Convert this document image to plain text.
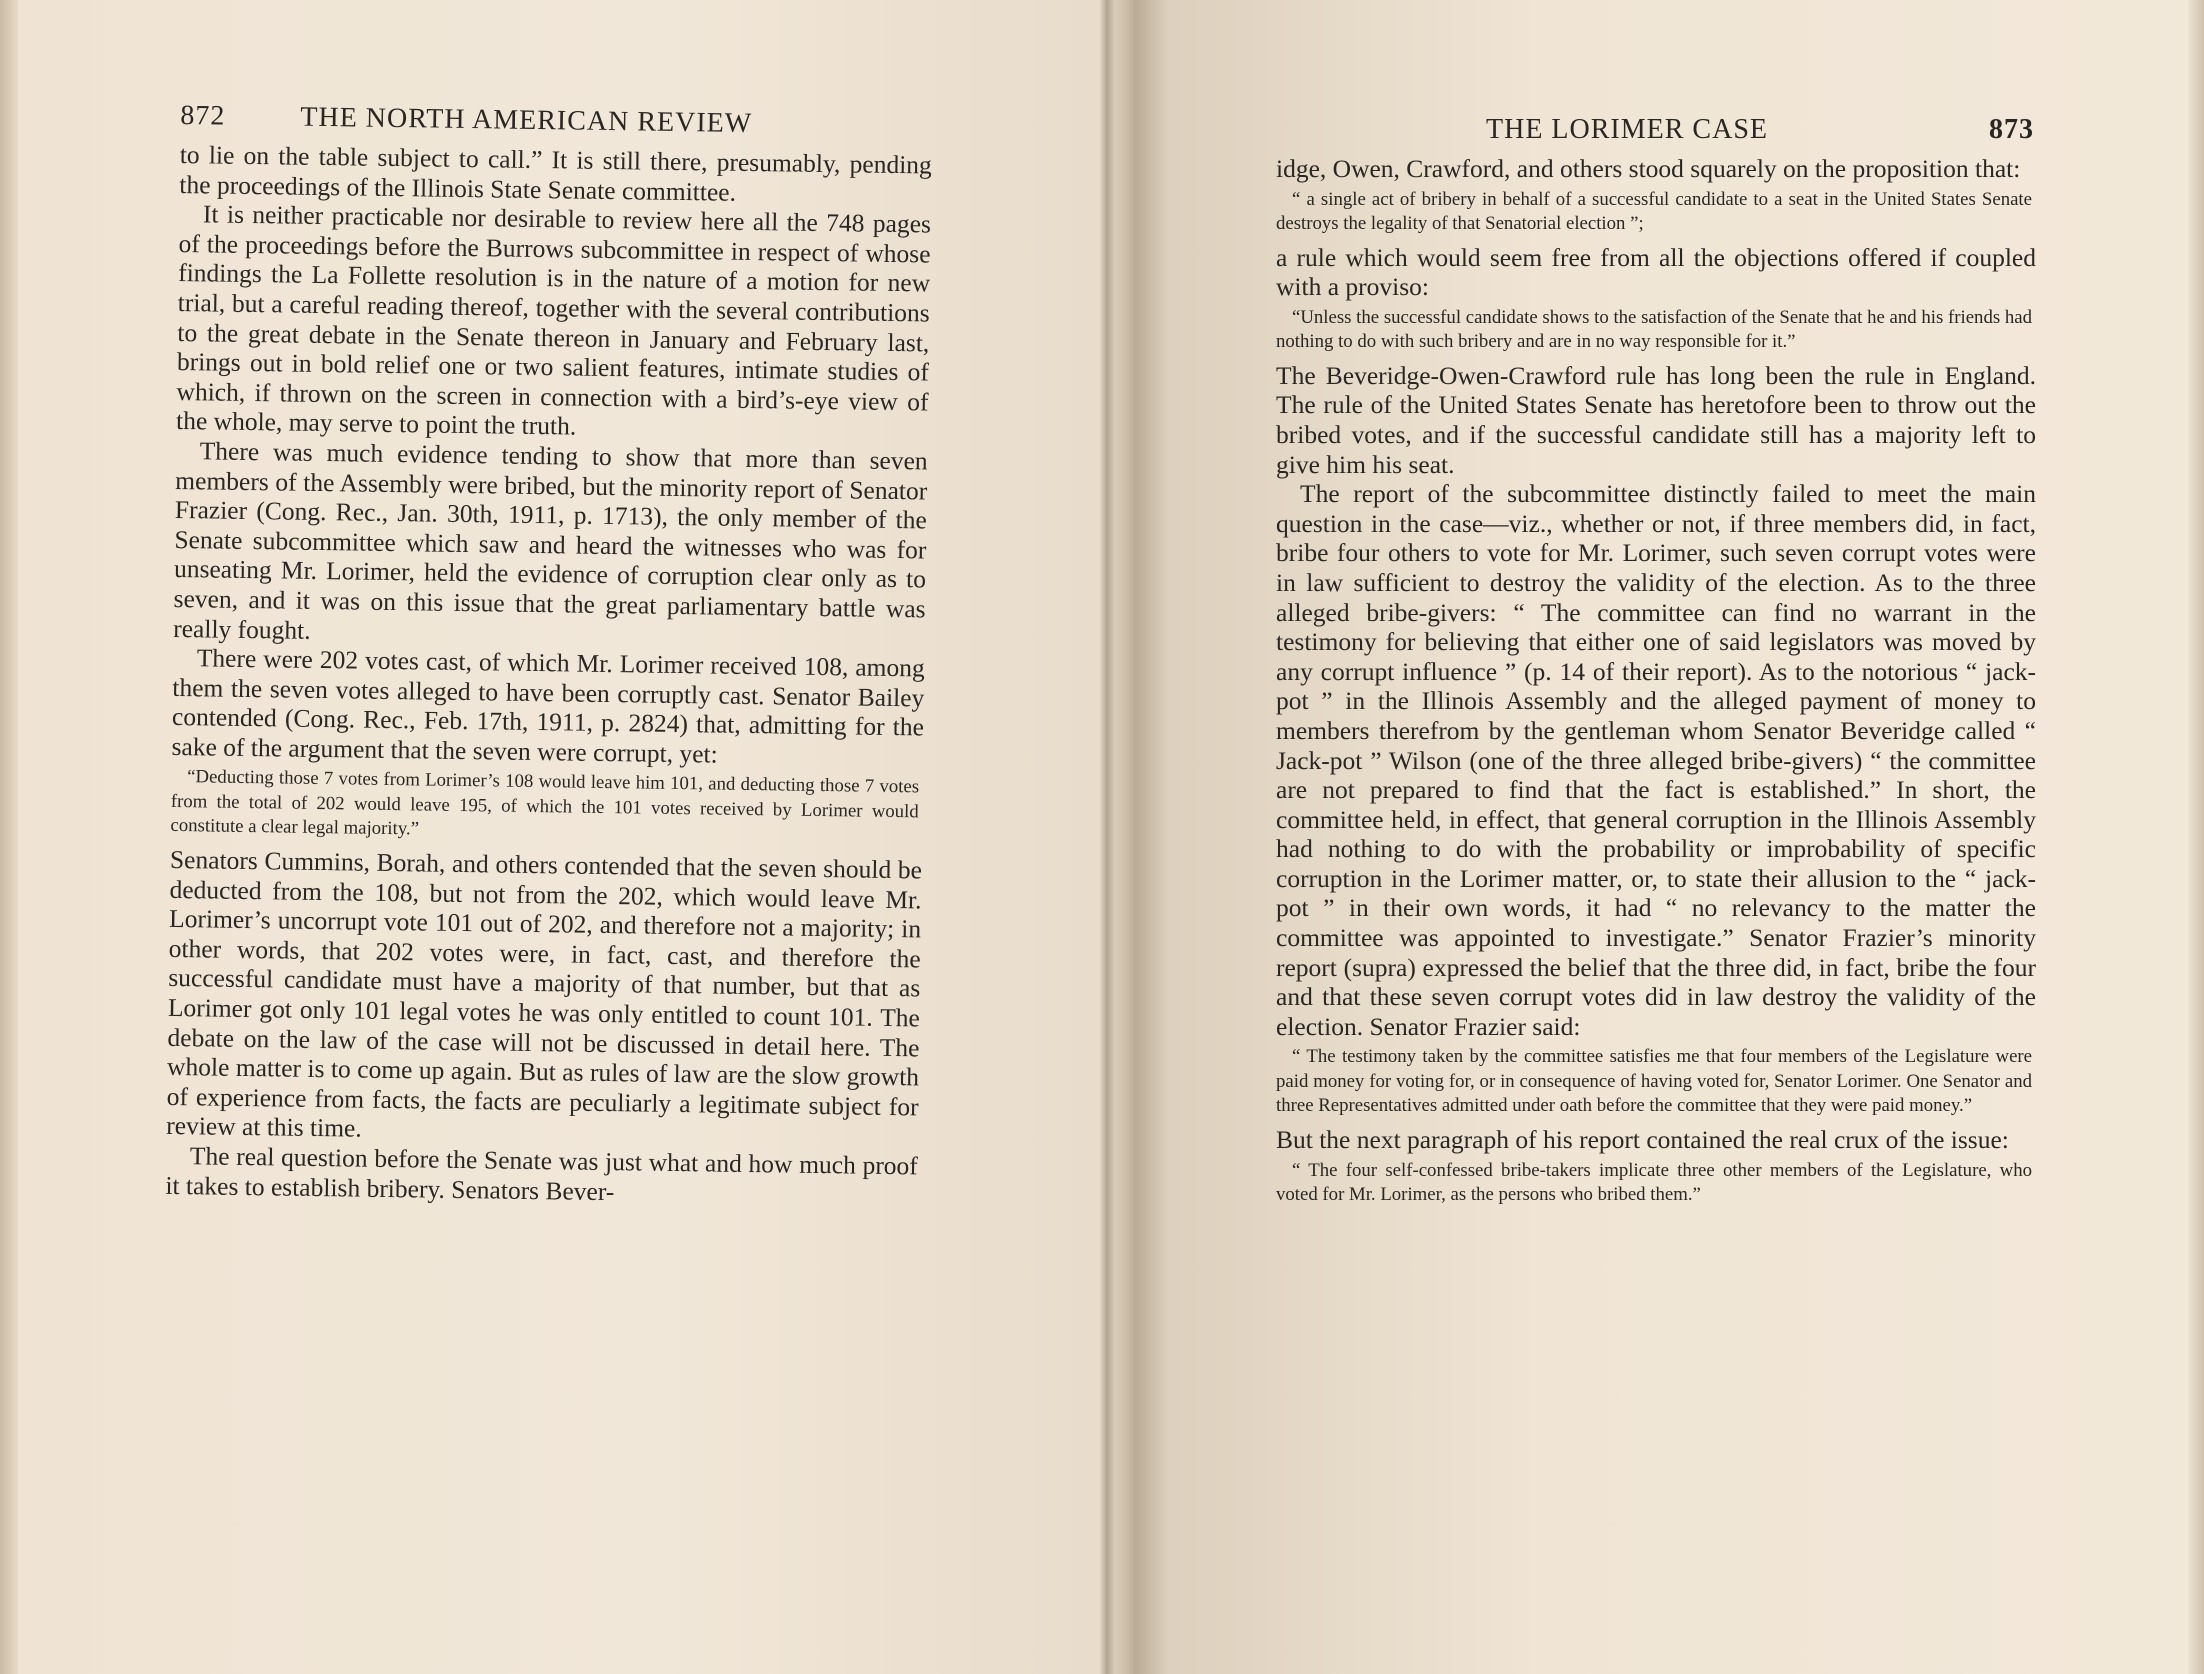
872	THE NORTH AMERICAN REVIEW

to lie on the table subject to call.” It is still there, presumably, pending the proceedings of the Illinois State Senate committee.

It is neither practicable nor desirable to review here all the 748 pages of the proceedings before the Burrows subcommittee in respect of whose findings the La Follette resolution is in the nature of a motion for new trial, but a careful reading thereof, together with the several contributions to the great debate in the Senate thereon in January and February last, brings out in bold relief one or two salient features, intimate studies of which, if thrown on the screen in connection with a bird’s-eye view of the whole, may serve to point the truth.

There was much evidence tending to show that more than seven members of the Assembly were bribed, but the minority report of Senator Frazier (Cong. Rec., Jan. 30th, 1911, p. 1713), the only member of the Senate subcommittee which saw and heard the witnesses who was for unseating Mr. Lorimer, held the evidence of corruption clear only as to seven, and it was on this issue that the great parliamentary battle was really fought.

There were 202 votes cast, of which Mr. Lorimer received 108, among them the seven votes alleged to have been corruptly cast. Senator Bailey contended (Cong. Rec., Feb. 17th, 1911, p. 2824) that, admitting for the sake of the argument that the seven were corrupt, yet:

“Deducting those 7 votes from Lorimer’s 108 would leave him 101, and deducting those 7 votes from the total of 202 would leave 195, of which the 101 votes received by Lorimer would constitute a clear legal majority.”

Senators Cummins, Borah, and others contended that the seven should be deducted from the 108, but not from the 202, which would leave Mr. Lorimer’s uncorrupt vote 101 out of 202, and therefore not a majority; in other words, that 202 votes were, in fact, cast, and therefore the successful candidate must have a majority of that number, but that as Lorimer got only 101 legal votes he was only entitled to count 101. The debate on the law of the case will not be discussed in detail here. The whole matter is to come up again. But as rules of law are the slow growth of experience from facts, the facts are peculiarly a legitimate subject for review at this time.

The real question before the Senate was just what and how much proof it takes to establish bribery. Senators Bever-

THE LORIMER CASE	873

idge, Owen, Crawford, and others stood squarely on the proposition that:

“ a single act of bribery in behalf of a successful candidate to a seat in the United States Senate destroys the legality of that Senatorial election ”;

a rule which would seem free from all the objections offered if coupled with a proviso:

“Unless the successful candidate shows to the satisfaction of the Senate that he and his friends had nothing to do with such bribery and are in no way responsible for it.”

The Beveridge-Owen-Crawford rule has long been the rule in England. The rule of the United States Senate has heretofore been to throw out the bribed votes, and if the successful candidate still has a majority left to give him his seat.

The report of the subcommittee distinctly failed to meet the main question in the case—viz., whether or not, if three members did, in fact, bribe four others to vote for Mr. Lorimer, such seven corrupt votes were in law sufficient to destroy the validity of the election. As to the three alleged bribe-givers: “ The committee can find no warrant in the testimony for believing that either one of said legislators was moved by any corrupt influence ” (p. 14 of their report). As to the notorious “ jack-pot ” in the Illinois Assembly and the alleged payment of money to members therefrom by the gentleman whom Senator Beveridge called “ Jack-pot ” Wilson (one of the three alleged bribe-givers) “ the committee are not prepared to find that the fact is established.” In short, the committee held, in effect, that general corruption in the Illinois Assembly had nothing to do with the probability or improbability of specific corruption in the Lorimer matter, or, to state their allusion to the “ jack-pot ” in their own words, it had “ no relevancy to the matter the committee was appointed to investigate.” Senator Frazier’s minority report (supra) expressed the belief that the three did, in fact, bribe the four and that these seven corrupt votes did in law destroy the validity of the election. Senator Frazier said:

“ The testimony taken by the committee satisfies me that four members of the Legislature were paid money for voting for, or in consequence of having voted for, Senator Lorimer. One Senator and three Representatives admitted under oath before the committee that they were paid money.”

But the next paragraph of his report contained the real crux of the issue:

“ The four self-confessed bribe-takers implicate three other members of the Legislature, who voted for Mr. Lorimer, as the persons who bribed them.”
